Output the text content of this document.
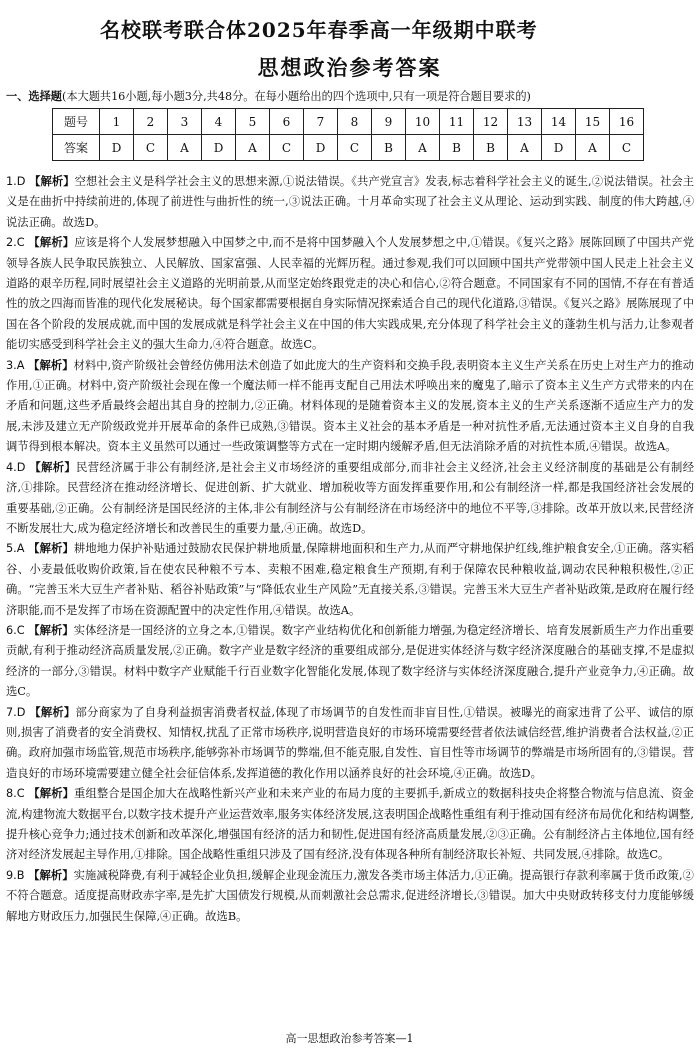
名校联考联合体2025年春季高一年级期中联考
思想政治参考答案
一、选择题(本大题共16小题,每小题3分,共48分。在每小题给出的四个选项中,只有一项是符合题目要求的)
题号	1	2	3	4	5	6	7	8	9	10	11	12	13	14	15	16
答案	D	C	A	D	A	C	D	C	B	A	B	B	A	D	A	C

1.D 【解析】空想社会主义是科学社会主义的思想来源,①说法错误。《共产党宣言》发表,标志着科学社会主义的诞生,②说法错误。社会主义是在曲折中持续前进的,体现了前进性与曲折性的统一,③说法正确。十月革命实现了社会主义从理论、运动到实践、制度的伟大跨越,④说法正确。故选D。

2.C 【解析】应该是将个人发展梦想融入中国梦之中,而不是将中国梦融入个人发展梦想之中,①错误。《复兴之路》展陈回顾了中国共产党领导各族人民争取民族独立、人民解放、国家富强、人民幸福的光辉历程。通过参观,我们可以回顾中国共产党带领中国人民走上社会主义道路的艰辛历程,同时展望社会主义道路的光明前景,从而坚定始终跟党走的决心和信心,②符合题意。不同国家有不同的国情,不存在有普适性的放之四海而皆准的现代化发展秘诀。每个国家都需要根据自身实际情况探索适合自己的现代化道路,③错误。《复兴之路》展陈展现了中国在各个阶段的发展成就,而中国的发展成就是科学社会主义在中国的伟大实践成果,充分体现了科学社会主义的蓬勃生机与活力,让参观者能切实感受到科学社会主义的强大生命力,④符合题意。故选C。

3.A 【解析】材料中,资产阶级社会曾经仿佛用法术创造了如此庞大的生产资料和交换手段,表明资本主义生产关系在历史上对生产力的推动作用,①正确。材料中,资产阶级社会现在像一个魔法师一样不能再支配自己用法术呼唤出来的魔鬼了,暗示了资本主义生产方式带来的内在矛盾和问题,这些矛盾最终会超出其自身的控制力,②正确。材料体现的是随着资本主义的发展,资本主义的生产关系逐渐不适应生产力的发展,未涉及建立无产阶级政党并开展革命的条件已成熟,③错误。资本主义社会的基本矛盾是一种对抗性矛盾,无法通过资本主义自身的自我调节得到根本解决。资本主义虽然可以通过一些政策调整等方式在一定时期内缓解矛盾,但无法消除矛盾的对抗性本质,④错误。故选A。

4.D 【解析】民营经济属于非公有制经济,是社会主义市场经济的重要组成部分,而非社会主义经济,社会主义经济制度的基础是公有制经济,①排除。民营经济在推动经济增长、促进创新、扩大就业、增加税收等方面发挥重要作用,和公有制经济一样,都是我国经济社会发展的重要基础,②正确。公有制经济是国民经济的主体,非公有制经济与公有制经济在市场经济中的地位不平等,③排除。改革开放以来,民营经济不断发展壮大,成为稳定经济增长和改善民生的重要力量,④正确。故选D。

5.A 【解析】耕地地力保护补贴通过鼓励农民保护耕地质量,保障耕地面积和生产力,从而严守耕地保护红线,维护粮食安全,①正确。落实稻谷、小麦最低收购价政策,旨在使农民种粮不亏本、卖粮不困难,稳定粮食生产预期,有利于保障农民种粮收益,调动农民种粮积极性,②正确。“完善玉米大豆生产者补贴、稻谷补贴政策”与“降低农业生产风险”无直接关系,③错误。完善玉米大豆生产者补贴政策,是政府在履行经济职能,而不是发挥了市场在资源配置中的决定性作用,④错误。故选A。

6.C 【解析】实体经济是一国经济的立身之本,①错误。数字产业结构优化和创新能力增强,为稳定经济增长、培育发展新质生产力作出重要贡献,有利于推动经济高质量发展,②正确。数字产业是数字经济的重要组成部分,是促进实体经济与数字经济深度融合的基础支撑,不是虚拟经济的一部分,③错误。材料中数字产业赋能千行百业数字化智能化发展,体现了数字经济与实体经济深度融合,提升产业竞争力,④正确。故选C。

7.D 【解析】部分商家为了自身利益损害消费者权益,体现了市场调节的自发性而非盲目性,①错误。被曝光的商家违背了公平、诚信的原则,损害了消费者的安全消费权、知情权,扰乱了正常市场秩序,说明营造良好的市场环境需要经营者依法诚信经营,维护消费者合法权益,②正确。政府加强市场监管,规范市场秩序,能够弥补市场调节的弊端,但不能克服,自发性、盲目性等市场调节的弊端是市场所固有的,③错误。营造良好的市场环境需要建立健全社会征信体系,发挥道德的教化作用以涵养良好的社会环境,④正确。故选D。

8.C 【解析】重组整合是国企加大在战略性新兴产业和未来产业的布局力度的主要抓手,新成立的数据科技央企将整合物流与信息流、资金流,构建物流大数据平台,以数字技术提升产业运营效率,服务实体经济发展,这表明国企战略性重组有利于推动国有经济布局优化和结构调整,提升核心竞争力;通过技术创新和改革深化,增强国有经济的活力和韧性,促进国有经济高质量发展,②③正确。公有制经济占主体地位,国有经济对经济发展起主导作用,①排除。国企战略性重组只涉及了国有经济,没有体现各种所有制经济取长补短、共同发展,④排除。故选C。

9.B 【解析】实施减税降费,有利于减轻企业负担,缓解企业现金流压力,激发各类市场主体活力,①正确。提高银行存款利率属于货币政策,②不符合题意。适度提高财政赤字率,是先扩大国债发行规模,从而刺激社会总需求,促进经济增长,③错误。加大中央财政转移支付力度能够缓解地方财政压力,加强民生保障,④正确。故选B。

高一思想政治参考答案—1
